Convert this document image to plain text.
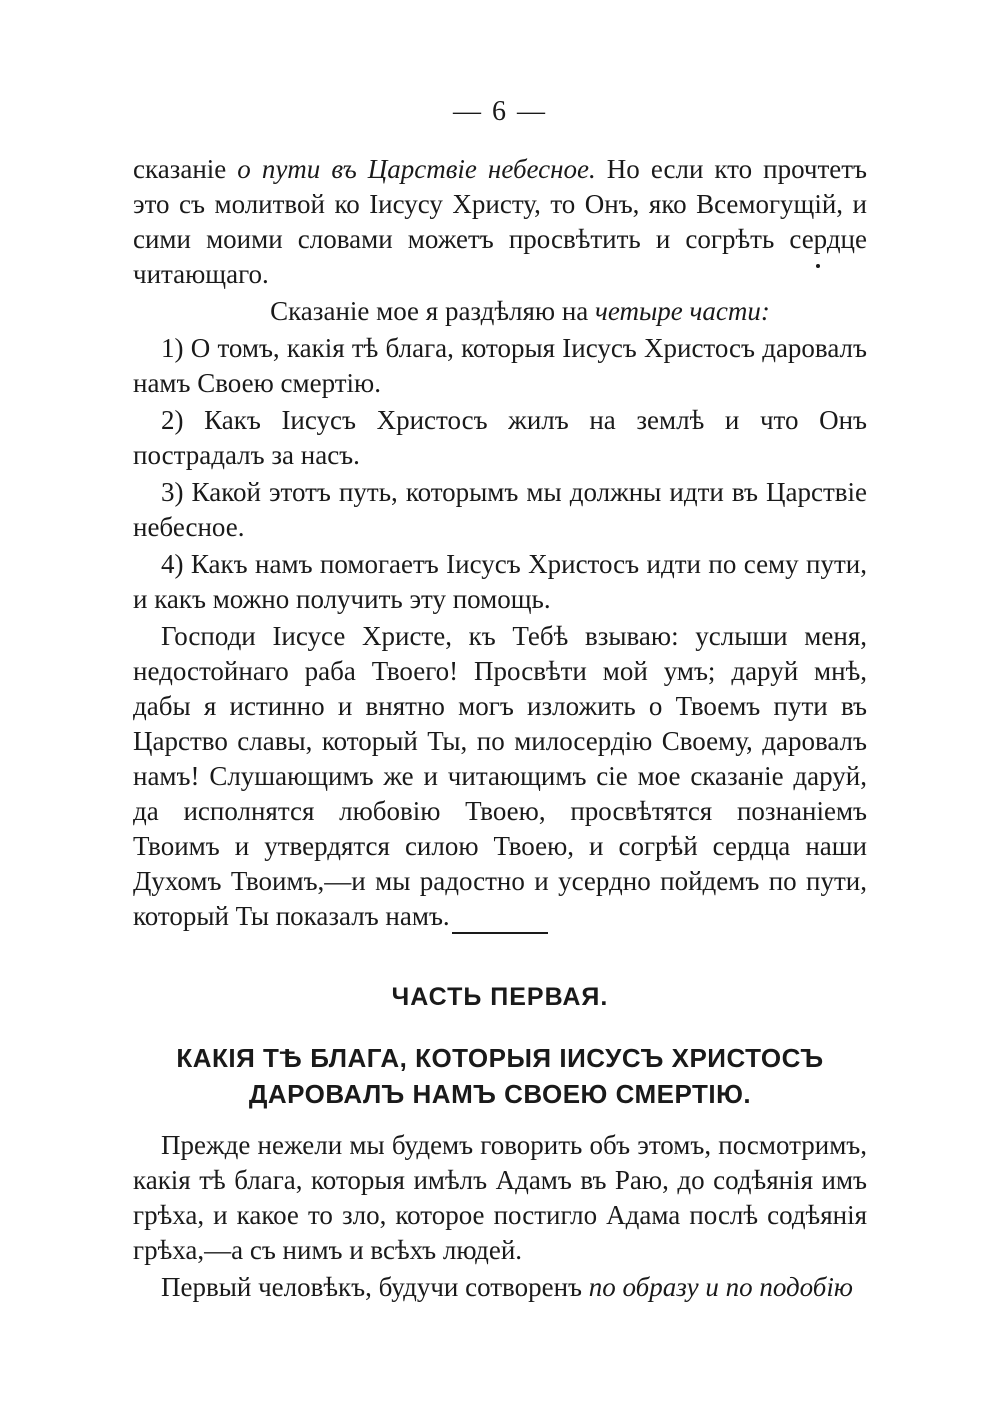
— 6 —

сказаніе о пути въ Царствіе небесное. Но если кто прочтетъ это съ молитвой ко Іисусу Христу, то Онъ, яко Всемогущій, и сими моими словами можетъ просвѣтить и согрѣть сердце читающаго.

Сказаніе мое я раздѣляю на четыре части:

1) О томъ, какія тѣ блага, которыя Іисусъ Христосъ даровалъ намъ Своею смертію.

2) Какъ Іисусъ Христосъ жилъ на землѣ и что Онъ пострадалъ за насъ.

3) Какой этотъ путь, которымъ мы должны идти въ Царствіе небесное.

4) Какъ намъ помогаетъ Іисусъ Христосъ идти по сему пути, и какъ можно получить эту помощь.

Господи Іисусе Христе, къ Тебѣ взываю: услыши меня, недостойнаго раба Твоего! Просвѣти мой умъ; даруй мнѣ, дабы я истинно и внятно могъ изложить о Твоемъ пути въ Царство славы, который Ты, по милосердію Своему, даровалъ намъ! Слушающимъ же и читающимъ сіе мое сказаніе даруй, да исполнятся любовію Твоею, просвѣтятся познаніемъ Твоимъ и утвердятся силою Твоею, и согрѣй сердца наши Духомъ Твоимъ,—и мы радостно и усердно пойдемъ по пути, который Ты показалъ намъ.

ЧАСТЬ ПЕРВАЯ.
КАКІЯ ТѢ БЛАГА, КОТОРЫЯ ІИСУСЪ ХРИСТОСЪ ДАРОВАЛЪ НАМЪ СВОЕЮ СМЕРТІЮ.

Прежде нежели мы будемъ говорить объ этомъ, посмотримъ, какія тѣ блага, которыя имѣлъ Адамъ въ Раю, до содѣянія имъ грѣха, и какое то зло, которое постигло Адама послѣ содѣянія грѣха,—а съ нимъ и всѣхъ людей.

Первый человѣкъ, будучи сотворенъ по образу и по подобію
